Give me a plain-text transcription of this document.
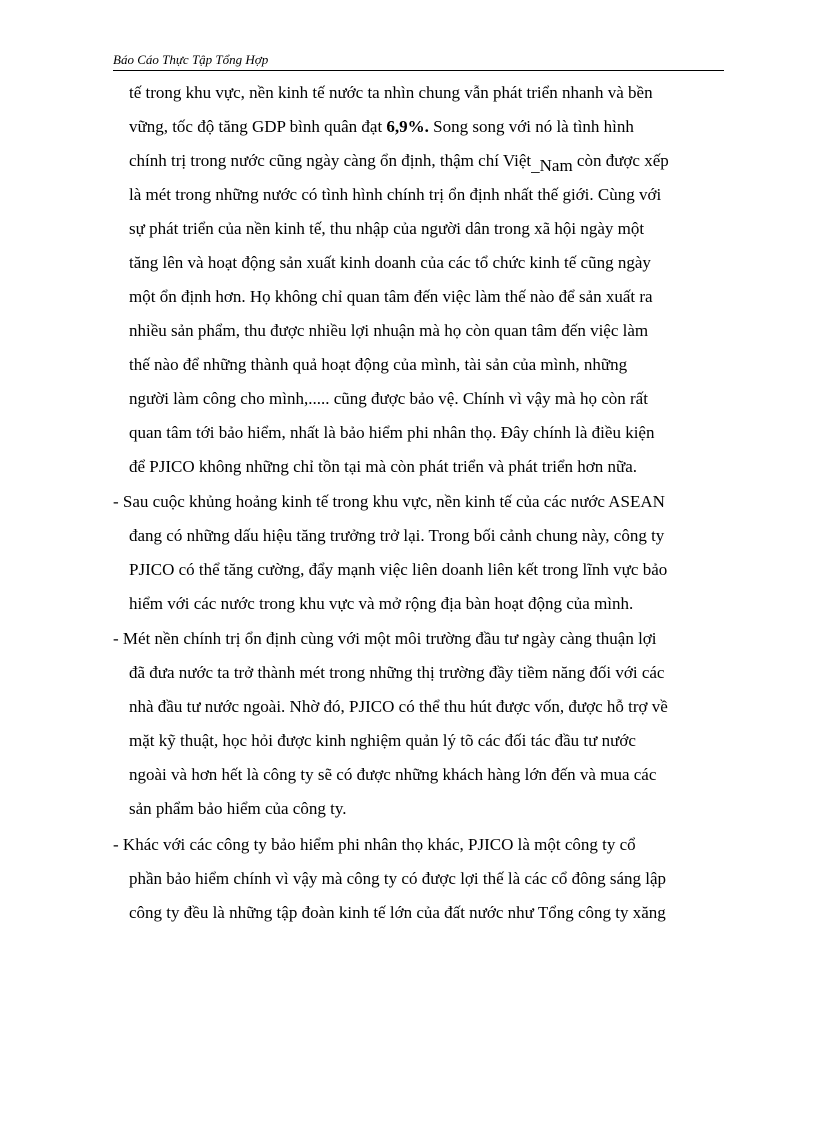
Báo Cáo Thực Tập Tổng Hợp
tế trong khu vực, nền kinh tế nước ta nhìn chung vẫn phát triển nhanh và bền
vững, tốc độ tăng GDP bình quân đạt 6,9%. Song song với nó là tình hình
chính trị trong nước cũng ngày càng ổn định, thậm chí Việt_Nam còn được xếp
là mét trong những nước có tình hình chính trị ổn định nhất thế giới. Cùng với
sự phát triển của nền kinh tế, thu nhập của người dân trong xã hội ngày một
tăng lên và hoạt động sản xuất kinh doanh của các tổ chức kinh tế cũng ngày
một ổn định hơn. Họ không chỉ quan tâm đến việc làm thế nào để sản xuất ra
nhiều sản phẩm, thu được nhiều lợi nhuận mà họ còn quan tâm đến việc làm
thế nào để những thành quả hoạt động của mình, tài sản của mình, những
người làm công cho mình,..... cũng được bảo vệ. Chính vì vậy mà họ còn rất
quan tâm tới bảo hiểm, nhất là bảo hiểm phi nhân thọ. Đây chính là điều kiện
để PJICO không những chỉ tồn tại mà còn phát triển và phát triển hơn nữa.
- Sau cuộc khủng hoảng kinh tế trong khu vực, nền kinh tế của các nước ASEAN
đang có những dấu hiệu tăng trưởng trở lại. Trong bối cảnh chung này, công ty
PJICO có thể tăng cường, đẩy mạnh việc liên doanh liên kết trong lĩnh vực bảo
hiểm với các nước trong khu vực và mở rộng địa bàn hoạt động của mình.
- Mét nền chính trị ổn định cùng với một môi trường đầu tư ngày càng thuận lợi
đã đưa nước ta trở thành mét trong những thị trường đầy tiềm năng đối với các
nhà đầu tư nước ngoài. Nhờ đó, PJICO có thể thu hút được vốn, được hỗ trợ về
mặt kỹ thuật, học hỏi được kinh nghiệm quản lý tõ các đối tác đầu tư nước
ngoài và hơn hết là công ty sẽ có được những khách hàng lớn đến và mua các
sản phẩm bảo hiểm của công ty.
- Khác với các công ty bảo hiểm phi nhân thọ khác, PJICO là một công ty cổ
phần bảo hiểm chính vì vậy mà công ty có được lợi thế là các cổ đông sáng lập
công ty đều là những tập đoàn kinh tế lớn của đất nước như Tổng công ty xăng
